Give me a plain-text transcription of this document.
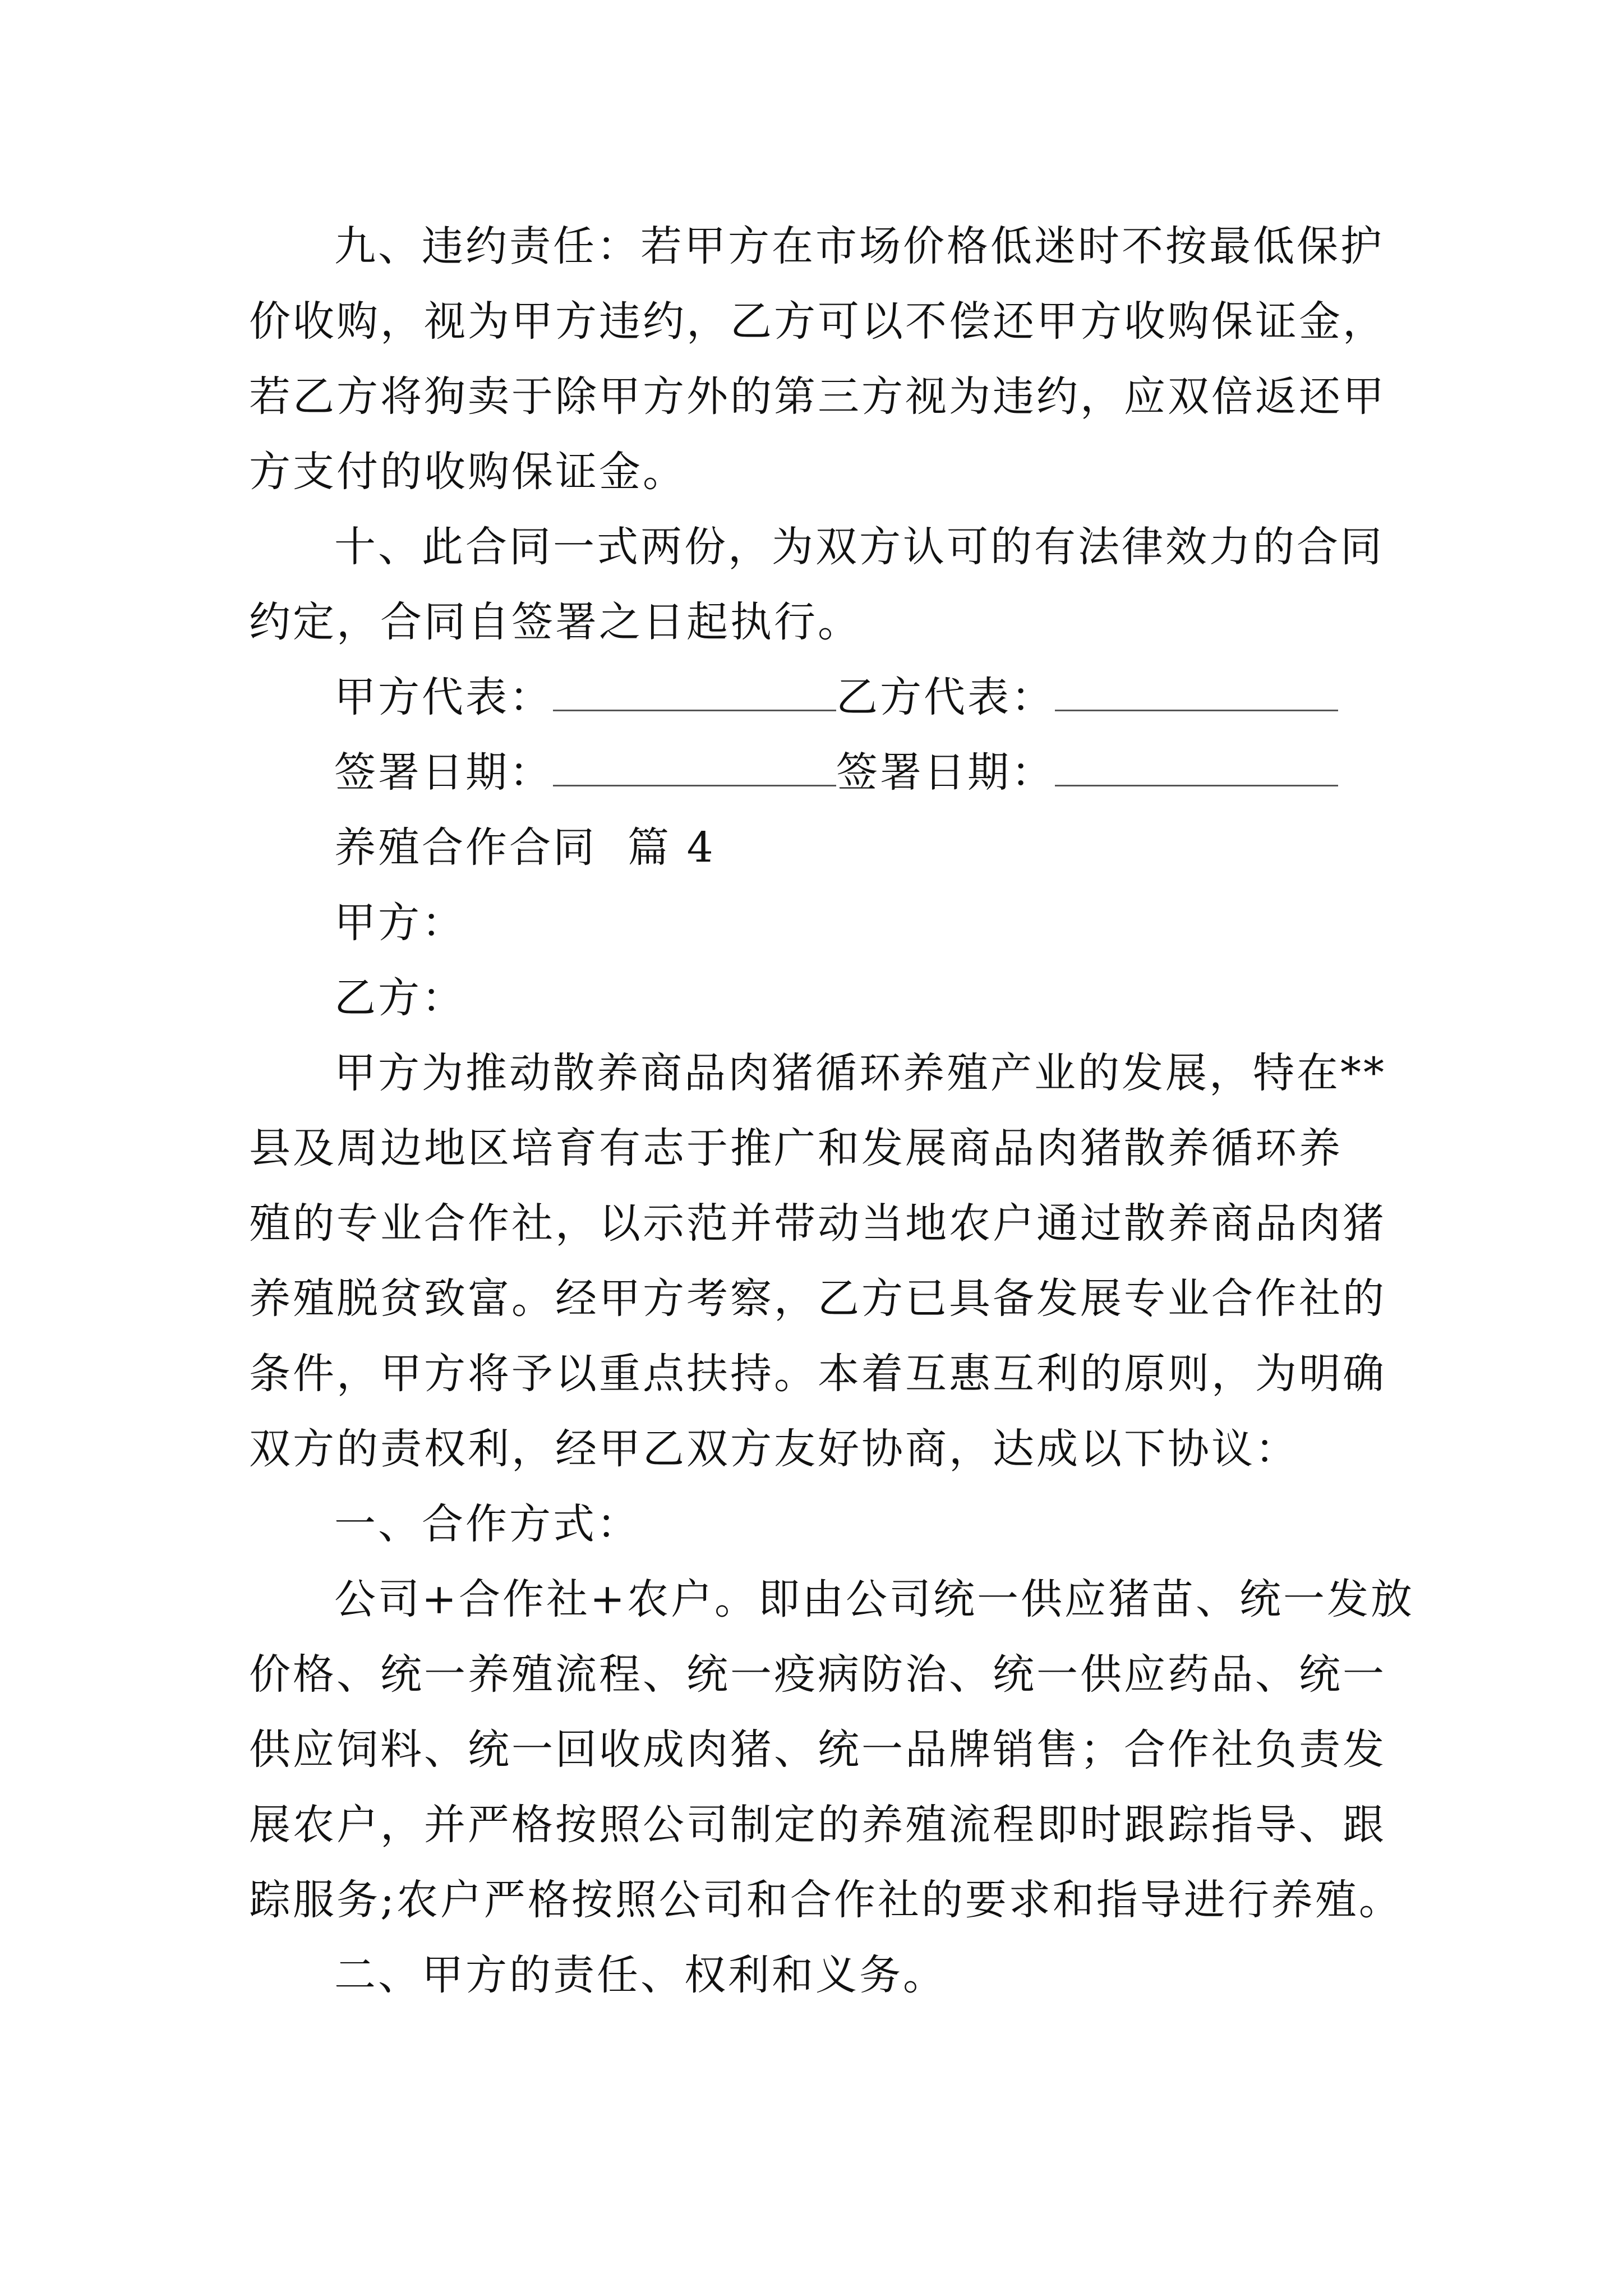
九、违约责任：若甲方在市场价格低迷时不按最低保护
价收购，视为甲方违约，乙方可以不偿还甲方收购保证金，
若乙方将狗卖于除甲方外的第三方视为违约，应双倍返还甲
方支付的收购保证金。
十、此合同一式两份，为双方认可的有法律效力的合同
约定，合同自签署之日起执行。
甲方代表：	乙方代表：
签署日期：	签署日期：
养殖合作合同  篇 4
甲方：
乙方：
甲方为推动散养商品肉猪循环养殖产业的发展，特在**
县及周边地区培育有志于推广和发展商品肉猪散养循环养
殖的专业合作社，以示范并带动当地农户通过散养商品肉猪
养殖脱贫致富。经甲方考察，乙方已具备发展专业合作社的
条件，甲方将予以重点扶持。本着互惠互利的原则，为明确
双方的责权利，经甲乙双方友好协商，达成以下协议：
一、合作方式：
公司+合作社+农户。即由公司统一供应猪苗、统一发放
价格、统一养殖流程、统一疫病防治、统一供应药品、统一
供应饲料、统一回收成肉猪、统一品牌销售；合作社负责发
展农户，并严格按照公司制定的养殖流程即时跟踪指导、跟
踪服务;农户严格按照公司和合作社的要求和指导进行养殖。
二、甲方的责任、权利和义务。
